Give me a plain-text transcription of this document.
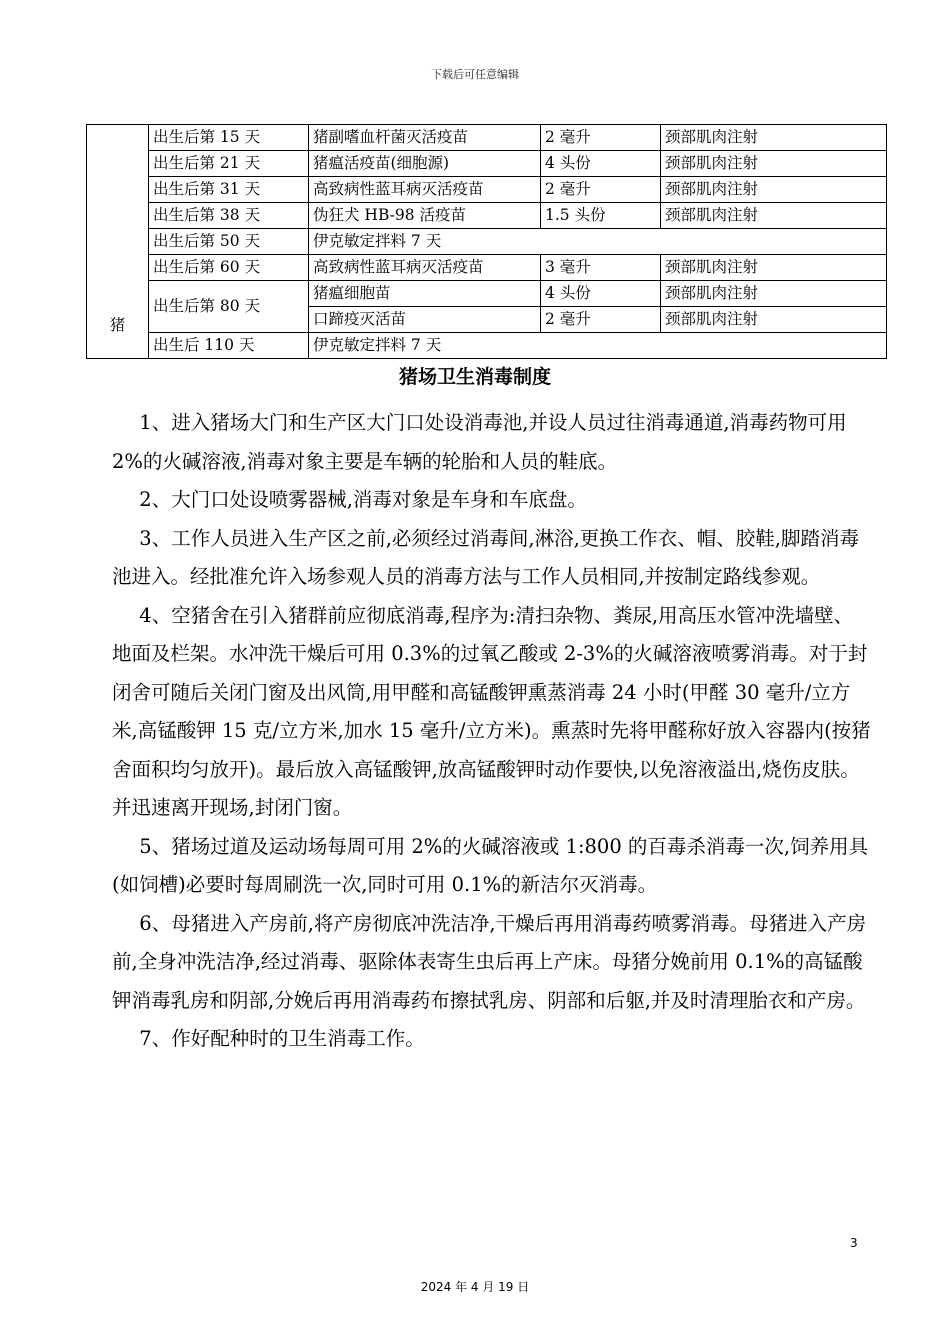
下载后可任意编辑
猪	出生后第 15 天	猪副嗜血杆菌灭活疫苗	2 毫升	颈部肌肉注射
	出生后第 21 天	猪瘟活疫苗(细胞源)	4 头份	颈部肌肉注射
	出生后第 31 天	高致病性蓝耳病灭活疫苗	2 毫升	颈部肌肉注射
	出生后第 38 天	伪狂犬 HB-98 活疫苗	1.5 头份	颈部肌肉注射
	出生后第 50 天	伊克敏定拌料 7 天		
	出生后第 60 天	高致病性蓝耳病灭活疫苗	3 毫升	颈部肌肉注射
	出生后第 80 天	猪瘟细胞苗	4 头份	颈部肌肉注射
		口蹄疫灭活苗	2 毫升	颈部肌肉注射
	出生后 110 天	伊克敏定拌料 7 天		
猪场卫生消毒制度

1、进入猪场大门和生产区大门口处设消毒池,并设人员过往消毒通道,消毒药物可用 2%的火碱溶液,消毒对象主要是车辆的轮胎和人员的鞋底。

2、大门口处设喷雾器械,消毒对象是车身和车底盘。

3、工作人员进入生产区之前,必须经过消毒间,淋浴,更换工作衣、帽、胶鞋,脚踏消毒池进入。经批准允许入场参观人员的消毒方法与工作人员相同,并按制定路线参观。

4、空猪舍在引入猪群前应彻底消毒,程序为:清扫杂物、粪尿,用高压水管冲洗墙壁、地面及栏架。水冲洗干燥后可用 0.3%的过氧乙酸或 2-3%的火碱溶液喷雾消毒。对于封闭舍可随后关闭门窗及出风筒,用甲醛和高锰酸钾熏蒸消毒 24 小时(甲醛 30 毫升/立方米,高锰酸钾 15 克/立方米,加水 15 毫升/立方米)。熏蒸时先将甲醛称好放入容器内(按猪舍面积均匀放开)。最后放入高锰酸钾,放高锰酸钾时动作要快,以免溶液溢出,烧伤皮肤。并迅速离开现场,封闭门窗。

5、猪场过道及运动场每周可用 2%的火碱溶液或 1:800 的百毒杀消毒一次,饲养用具(如饲槽)必要时每周刷洗一次,同时可用 0.1%的新洁尔灭消毒。

6、母猪进入产房前,将产房彻底冲洗洁净,干燥后再用消毒药喷雾消毒。母猪进入产房前,全身冲洗洁净,经过消毒、驱除体表寄生虫后再上产床。母猪分娩前用 0.1%的高锰酸钾消毒乳房和阴部,分娩后再用消毒药布擦拭乳房、阴部和后躯,并及时清理胎衣和产房。

7、作好配种时的卫生消毒工作。

3
2024 年 4 月 19 日
